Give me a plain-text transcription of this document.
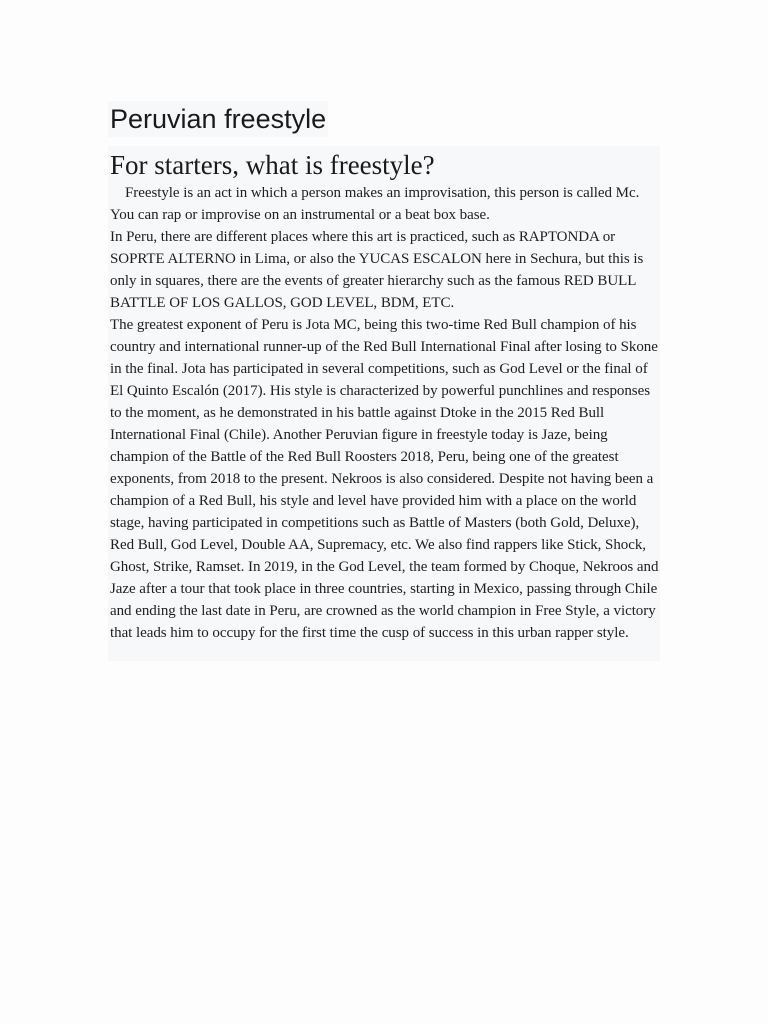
Peruvian freestyle
For starters, what is freestyle?

Freestyle is an act in which a person makes an improvisation, this person is called Mc. You can rap or improvise on an instrumental or a beat box base.

In Peru, there are different places where this art is practiced, such as RAPTONDA or SOPRTE ALTERNO in Lima, or also the YUCAS ESCALON here in Sechura, but this is only in squares, there are the events of greater hierarchy such as the famous RED BULL BATTLE OF LOS GALLOS, GOD LEVEL, BDM, ETC.

The greatest exponent of Peru is Jota MC, being this two-time Red Bull champion of his country and international runner-up of the Red Bull International Final after losing to Skone in the final. Jota has participated in several competitions, such as God Level or the final of El Quinto Escalón (2017). His style is characterized by powerful punchlines and responses to the moment, as he demonstrated in his battle against Dtoke in the 2015 Red Bull International Final (Chile). Another Peruvian figure in freestyle today is Jaze, being champion of the Battle of the Red Bull Roosters 2018, Peru, being one of the greatest exponents, from 2018 to the present. Nekroos is also considered. Despite not having been a champion of a Red Bull, his style and level have provided him with a place on the world stage, having participated in competitions such as Battle of Masters (both Gold, Deluxe), Red Bull, God Level, Double AA, Supremacy, etc. We also find rappers like Stick, Shock, Ghost, Strike, Ramset. In 2019, in the God Level, the team formed by Choque, Nekroos and Jaze after a tour that took place in three countries, starting in Mexico, passing through Chile and ending the last date in Peru, are crowned as the world champion in Free Style, a victory that leads him to occupy for the first time the cusp of success in this urban rapper style.
